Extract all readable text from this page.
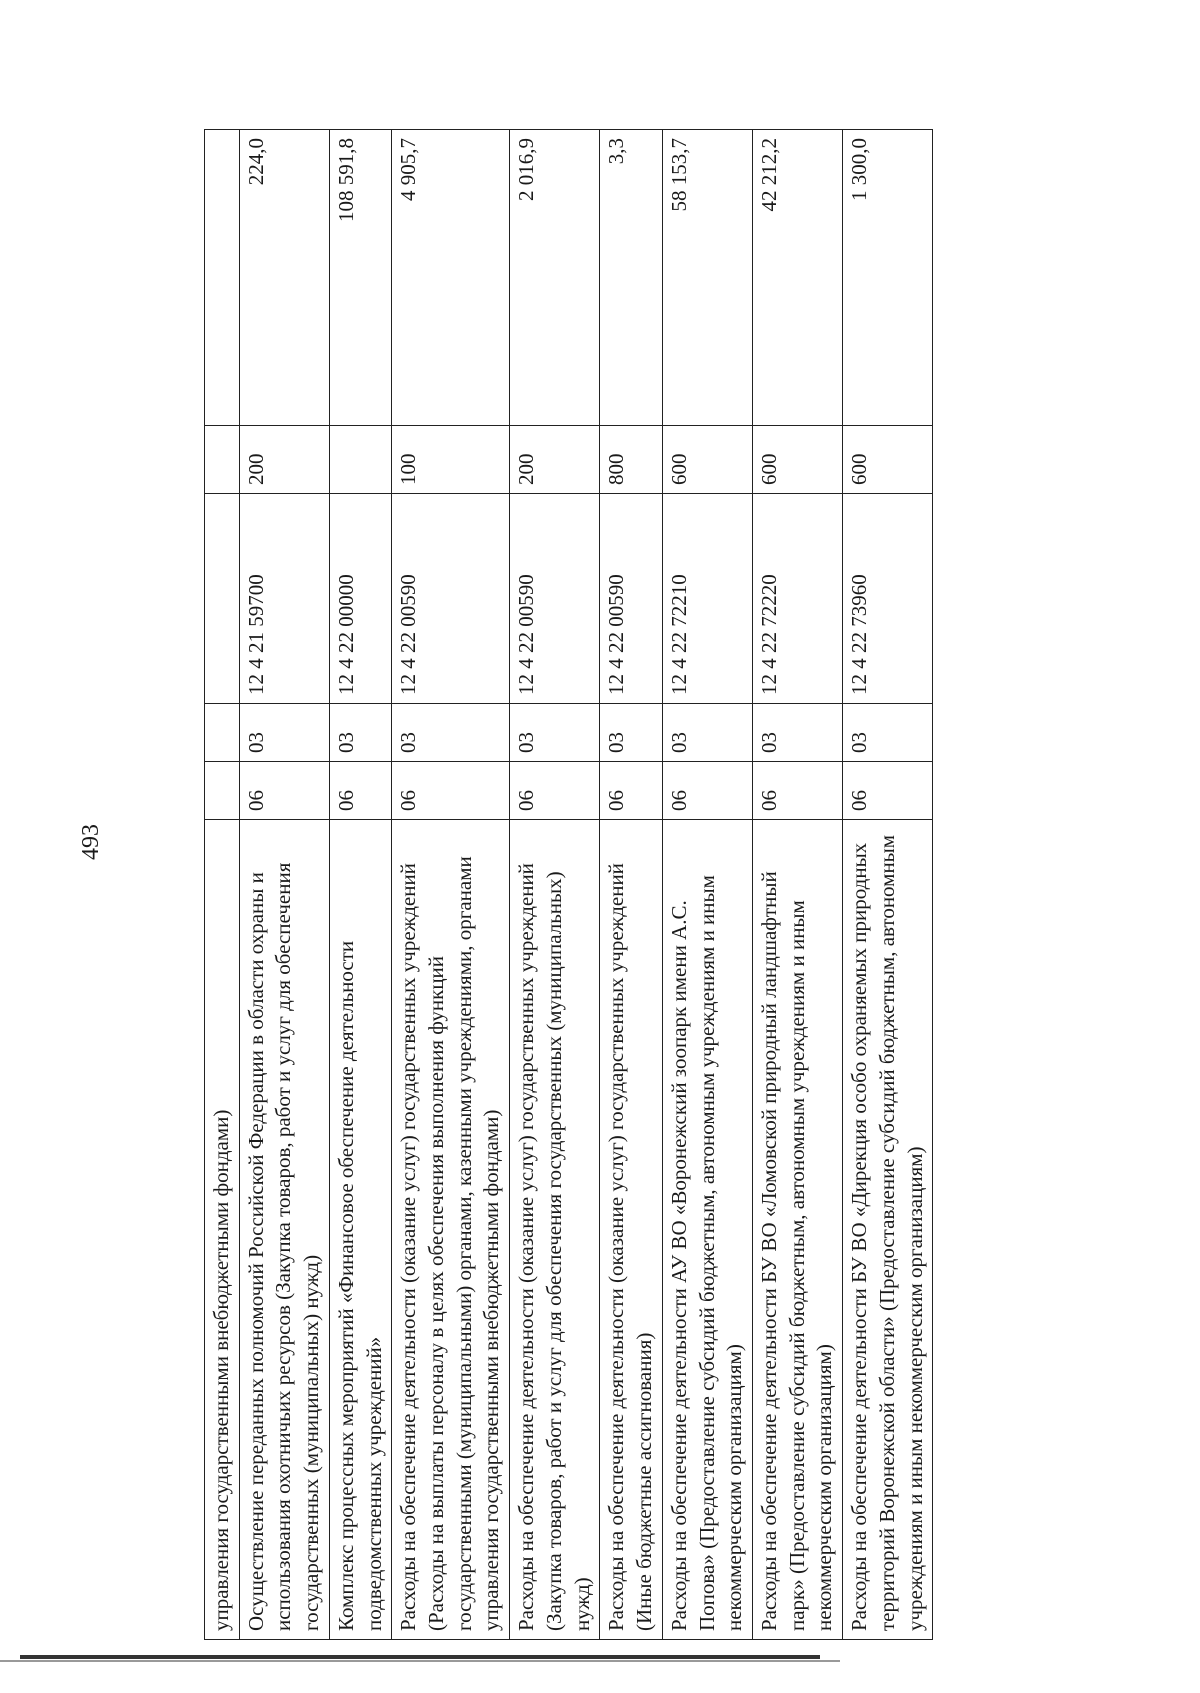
493
управления государственными внебюджетными фондами)					
Осуществление переданных полномочий Российской Федерации в области охраны и использования охотничьих ресурсов (Закупка товаров, работ и услуг для обеспечения государственных (муниципальных) нужд)	06	03	12 4 21 59700	200	224,0
Комплекс процессных мероприятий «Финансовое обеспечение деятельности подведомственных учреждений»	06	03	12 4 22 00000		108 591,8
Расходы на обеспечение деятельности (оказание услуг) государственных учреждений (Расходы на выплаты персоналу в целях обеспечения выполнения функций государственными (муниципальными) органами, казенными учреждениями, органами управления государственными внебюджетными фондами)	06	03	12 4 22 00590	100	4 905,7
Расходы на обеспечение деятельности (оказание услуг) государственных учреждений (Закупка товаров, работ и услуг для обеспечения государственных (муниципальных) нужд)	06	03	12 4 22 00590	200	2 016,9
Расходы на обеспечение деятельности (оказание услуг) государственных учреждений (Иные бюджетные ассигнования)	06	03	12 4 22 00590	800	3,3
Расходы на обеспечение деятельности АУ ВО «Воронежский зоопарк имени А.С. Попова» (Предоставление субсидий бюджетным, автономным учреждениям и иным некоммерческим организациям)	06	03	12 4 22 72210	600	58 153,7
Расходы на обеспечение деятельности БУ ВО «Ломовской природный ландшафтный парк» (Предоставление субсидий бюджетным, автономным учреждениям и иным некоммерческим организациям)	06	03	12 4 22 72220	600	42 212,2
Расходы на обеспечение деятельности БУ ВО «Дирекция особо охраняемых природных территорий Воронежской области» (Предоставление субсидий бюджетным, автономным учреждениям и иным некоммерческим организациям)	06	03	12 4 22 73960	600	1 300,0
